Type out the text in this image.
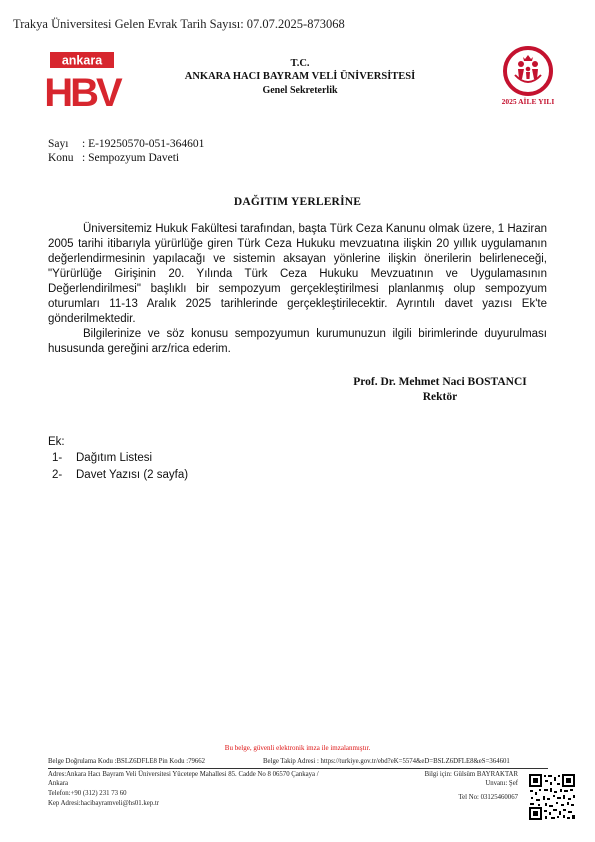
Trakya Üniversitesi Gelen Evrak Tarih Sayısı: 07.07.2025-873068
ankara
HBV
T.C.
ANKARA HACI BAYRAM VELİ ÜNİVERSİTESİ
Genel Sekreterlik
2025 AİLE YILI
Sayı : E-19250570-051-364601
Konu : Sempozyum Daveti
DAĞITIM YERLERİNE

Üniversitemiz Hukuk Fakültesi tarafından, başta Türk Ceza Kanunu olmak üzere, 1 Haziran 2005 tarihi itibarıyla yürürlüğe giren Türk Ceza Hukuku mevzuatına ilişkin 20 yıllık uygulamanın değerlendirmesinin yapılacağı ve sistemin aksayan yönlerine ilişkin önerilerin belirleneceği, "Yürürlüğe Girişinin 20. Yılında Türk Ceza Hukuku Mevzuatının ve Uygulamasının Değerlendirilmesi" başlıklı bir sempozyum gerçekleştirilmesi planlanmış olup sempozyum oturumları 11-13 Aralık 2025 tarihlerinde gerçekleştirilecektir. Ayrıntılı davet yazısı Ek'te gönderilmektedir.

Bilgilerinize ve söz konusu sempozyumun kurumunuzun ilgili birimlerinde duyurulması hususunda gereğini arz/rica ederim.

Prof. Dr. Mehmet Naci BOSTANCI
Rektör
Ek:
1- Dağıtım Listesi
2- Davet Yazısı (2 sayfa)
Bu belge, güvenli elektronik imza ile imzalanmıştır.
Belge Doğrulama Kodu :BSLZ6DFLE8 Pin Kodu :79662	Belge Takip Adresi : https://turkiye.gov.tr/ebd?eK=5574&eD=BSLZ6DFLE8&eS=364601
Adres:Ankara Hacı Bayram Veli Üniversitesi Yücetepe Mahallesi 85. Cadde No 8 06570 Çankaya /
Ankara
Telefon:+90 (312) 231 73 60
Kep Adresi:hacibayramveli@hs01.kep.tr
Bilgi için: Gülsüm BAYRAKTAR
Unvanı: Şef
Tel No: 03125460067
